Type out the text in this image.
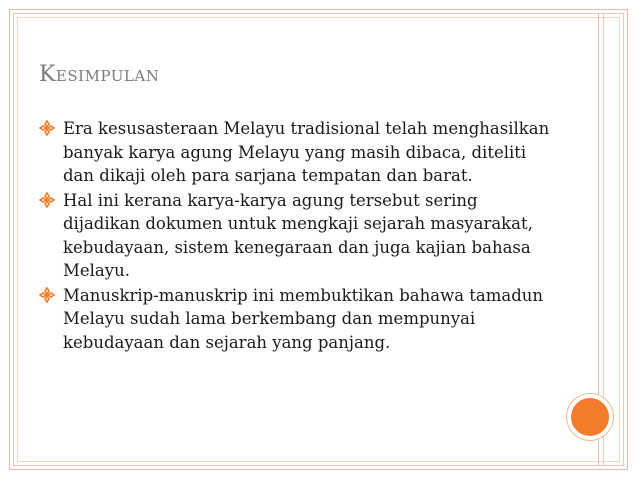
Kesimpulan
Era kesusasteraan Melayu tradisional telah menghasilkan banyak karya agung Melayu yang masih dibaca, diteliti dan dikaji oleh para sarjana tempatan dan barat.
Hal ini kerana karya-karya agung tersebut sering dijadikan dokumen untuk mengkaji sejarah masyarakat, kebudayaan, sistem kenegaraan dan juga kajian bahasa Melayu.
Manuskrip-manuskrip ini membuktikan bahawa tamadun Melayu sudah lama berkembang dan mempunyai kebudayaan dan sejarah yang panjang.
